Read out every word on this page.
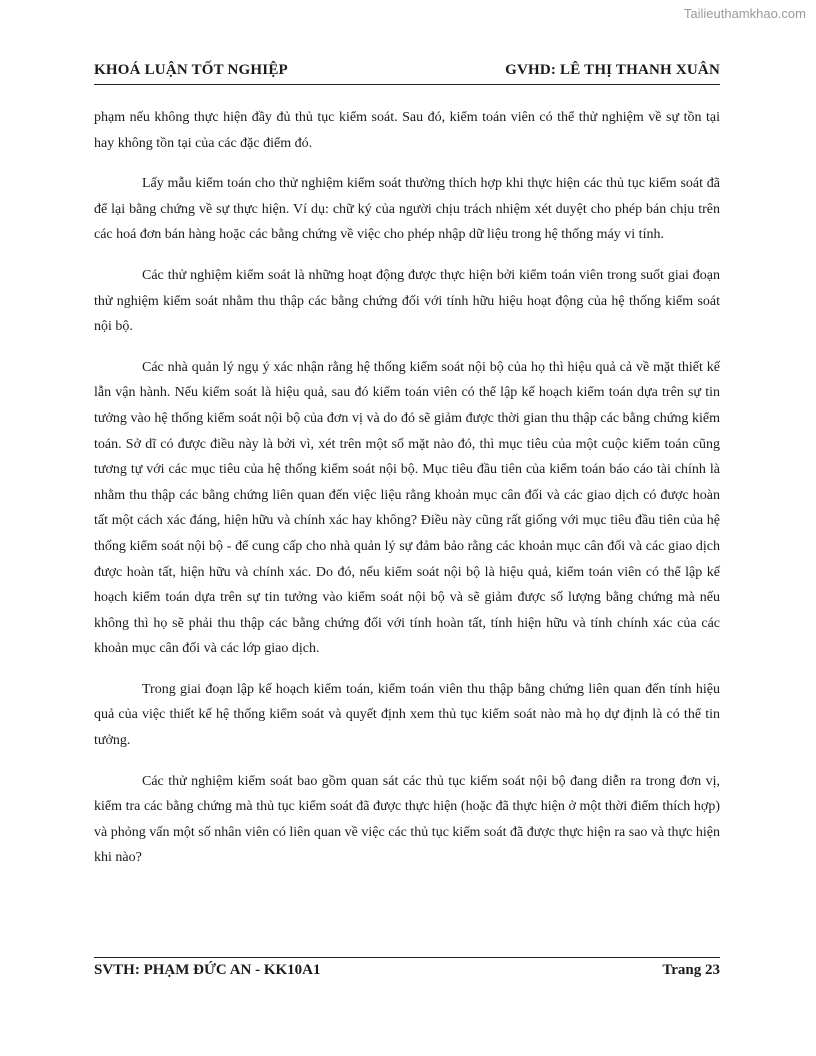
Tailieuthamkhao.com
KHOÁ LUẬN TỐT NGHIỆP	GVHD: LÊ THỊ THANH XUÂN

phạm nếu không thực hiện đầy đủ thủ tục kiểm soát. Sau đó, kiểm toán viên có thể thử nghiệm về sự tồn tại hay không tồn tại của các đặc điểm đó.

Lấy mẫu kiểm toán cho thử nghiệm kiểm soát thường thích hợp khi thực hiện các thủ tục kiểm soát đã để lại bằng chứng về sự thực hiện. Ví dụ: chữ ký của người chịu trách nhiệm xét duyệt cho phép bán chịu trên các hoá đơn bán hàng hoặc các bằng chứng về việc cho phép nhập dữ liệu trong hệ thống máy vi tính.

Các thử nghiệm kiểm soát là những hoạt động được thực hiện bởi kiểm toán viên trong suốt giai đoạn thử nghiệm kiểm soát nhằm thu thập các bằng chứng đối với tính hữu hiệu hoạt động của hệ thống kiểm soát nội bộ.

Các nhà quản lý ngụ ý xác nhận rằng hệ thống kiểm soát nội bộ của họ thì hiệu quả cả về mặt thiết kế lẫn vận hành. Nếu kiểm soát là hiệu quả, sau đó kiểm toán viên có thể lập kế hoạch kiểm toán dựa trên sự tin tưởng vào hệ thống kiểm soát nội bộ của đơn vị và do đó sẽ giảm được thời gian thu thập các bằng chứng kiểm toán. Sở dĩ có được điều này là bởi vì, xét trên một số mặt nào đó, thì mục tiêu của một cuộc kiểm toán cũng tương tự với các mục tiêu của hệ thống kiểm soát nội bộ. Mục tiêu đầu tiên của kiểm toán báo cáo tài chính là nhằm thu thập các bằng chứng liên quan đến việc liệu rằng khoản mục cân đối và các giao dịch có được hoàn tất một cách xác đáng, hiện hữu và chính xác hay không? Điều này cũng rất giống với mục tiêu đầu tiên của hệ thống kiểm soát nội bộ - để cung cấp cho nhà quản lý sự đảm bảo rằng các khoản mục cân đối và các giao dịch được hoàn tất, hiện hữu và chính xác. Do đó, nếu kiểm soát nội bộ là hiệu quả, kiểm toán viên có thể lập kế hoạch kiểm toán dựa trên sự tin tưởng vào kiểm soát nội bộ và sẽ giảm được số lượng bằng chứng mà nếu không thì họ sẽ phải thu thập các bằng chứng đối với tính hoàn tất, tính hiện hữu và tính chính xác của các khoản mục cân đối và các lớp giao dịch.

Trong giai đoạn lập kế hoạch kiểm toán, kiểm toán viên thu thập bằng chứng liên quan đến tính hiệu quả của việc thiết kế hệ thống kiểm soát và quyết định xem thủ tục kiểm soát nào mà họ dự định là có thể tin tưởng.

Các thử nghiệm kiểm soát bao gồm quan sát các thủ tục kiểm soát nội bộ đang diễn ra trong đơn vị, kiểm tra các bằng chứng mà thủ tục kiểm soát đã được thực hiện (hoặc đã thực hiện ở một thời điểm thích hợp) và phỏng vấn một số nhân viên có liên quan về việc các thủ tục kiểm soát đã được thực hiện ra sao và thực hiện khi nào?

SVTH: PHẠM ĐỨC AN - KK10A1	Trang 23
